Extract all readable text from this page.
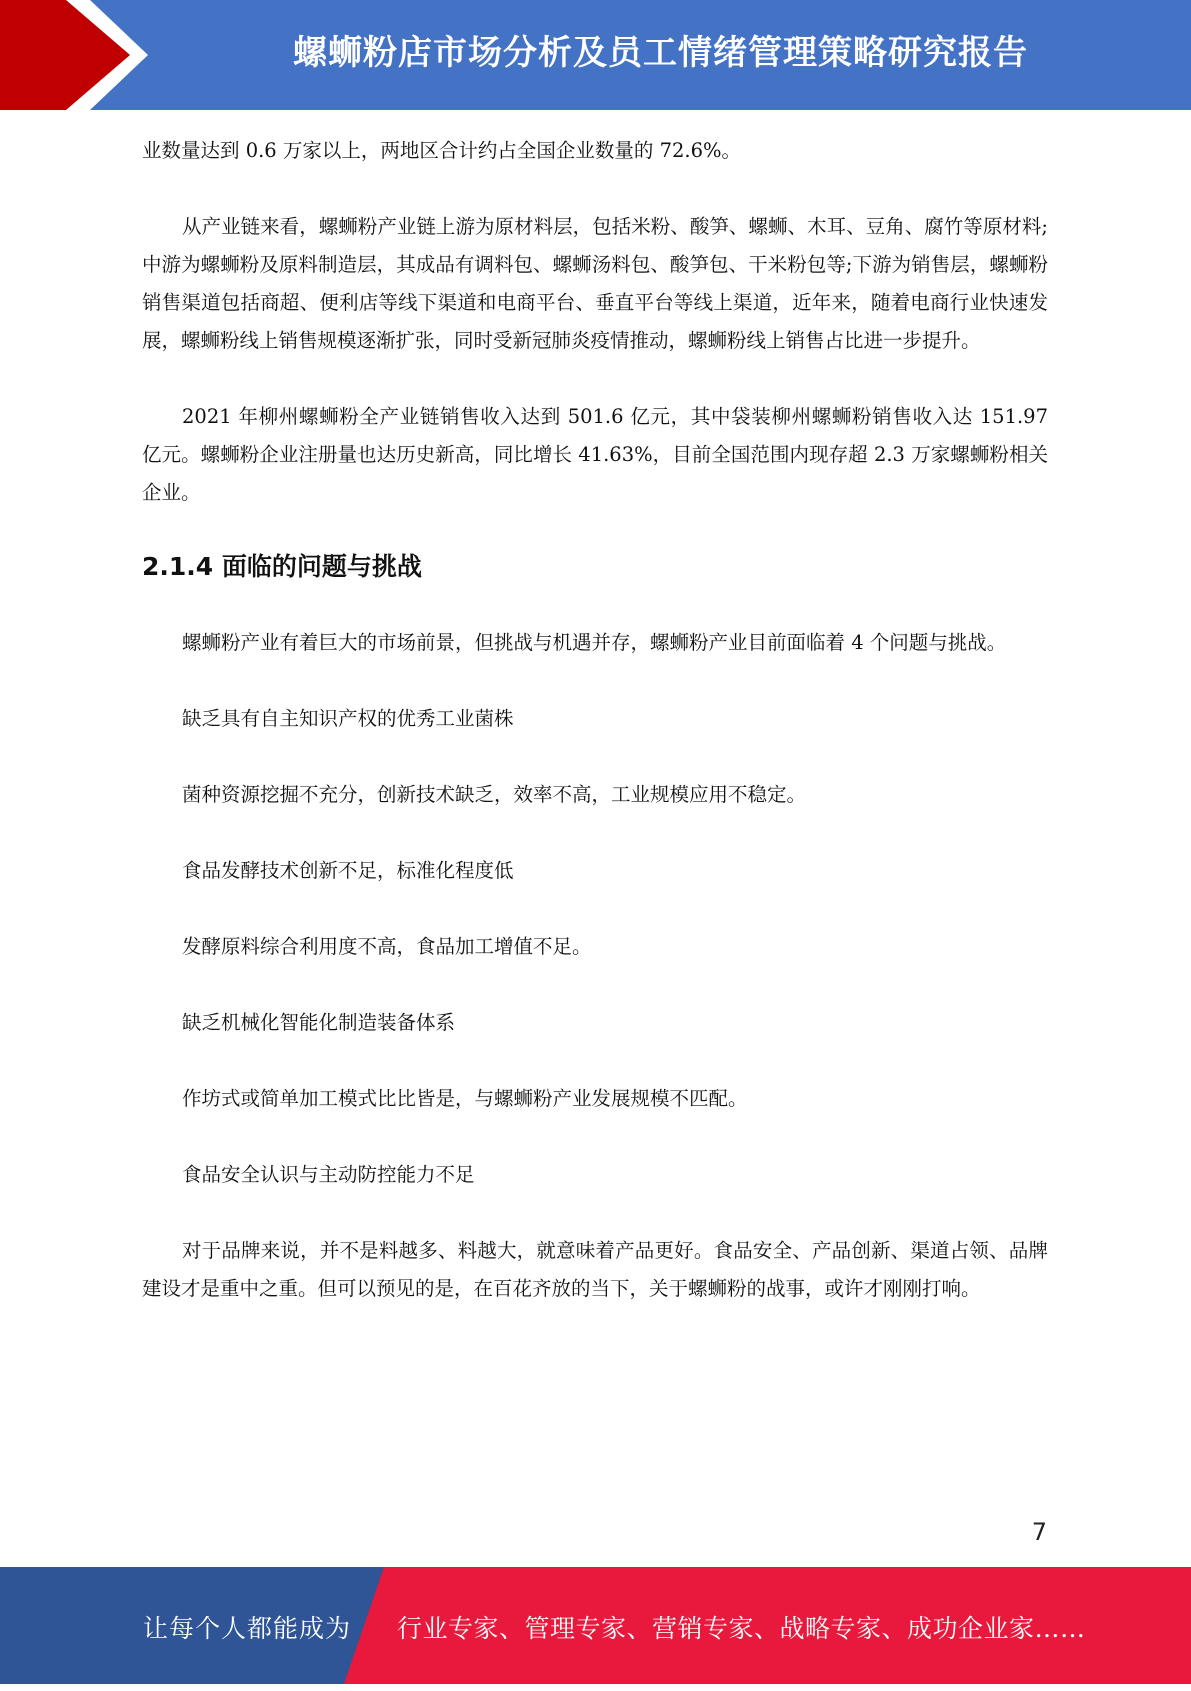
螺蛳粉店市场分析及员工情绪管理策略研究报告

业数量达到 0.6 万家以上，两地区合计约占全国企业数量的 72.6%。

从产业链来看，螺蛳粉产业链上游为原材料层，包括米粉、酸笋、螺蛳、木耳、豆角、腐竹等原材料;中游为螺蛳粉及原料制造层，其成品有调料包、螺蛳汤料包、酸笋包、干米粉包等;下游为销售层，螺蛳粉销售渠道包括商超、便利店等线下渠道和电商平台、垂直平台等线上渠道，近年来，随着电商行业快速发展，螺蛳粉线上销售规模逐渐扩张，同时受新冠肺炎疫情推动，螺蛳粉线上销售占比进一步提升。

2021 年柳州螺蛳粉全产业链销售收入达到 501.6 亿元，其中袋装柳州螺蛳粉销售收入达 151.97 亿元。螺蛳粉企业注册量也达历史新高，同比增长 41.63%，目前全国范围内现存超 2.3 万家螺蛳粉相关企业。

2.1.4 面临的问题与挑战

螺蛳粉产业有着巨大的市场前景，但挑战与机遇并存，螺蛳粉产业目前面临着 4 个问题与挑战。

缺乏具有自主知识产权的优秀工业菌株

菌种资源挖掘不充分，创新技术缺乏，效率不高，工业规模应用不稳定。

食品发酵技术创新不足，标准化程度低

发酵原料综合利用度不高，食品加工增值不足。

缺乏机械化智能化制造装备体系

作坊式或简单加工模式比比皆是，与螺蛳粉产业发展规模不匹配。

食品安全认识与主动防控能力不足

对于品牌来说，并不是料越多、料越大，就意味着产品更好。食品安全、产品创新、渠道占领、品牌建设才是重中之重。但可以预见的是，在百花齐放的当下，关于螺蛳粉的战事，或许才刚刚打响。

7
让每个人都能成为 行业专家、管理专家、营销专家、战略专家、成功企业家……
